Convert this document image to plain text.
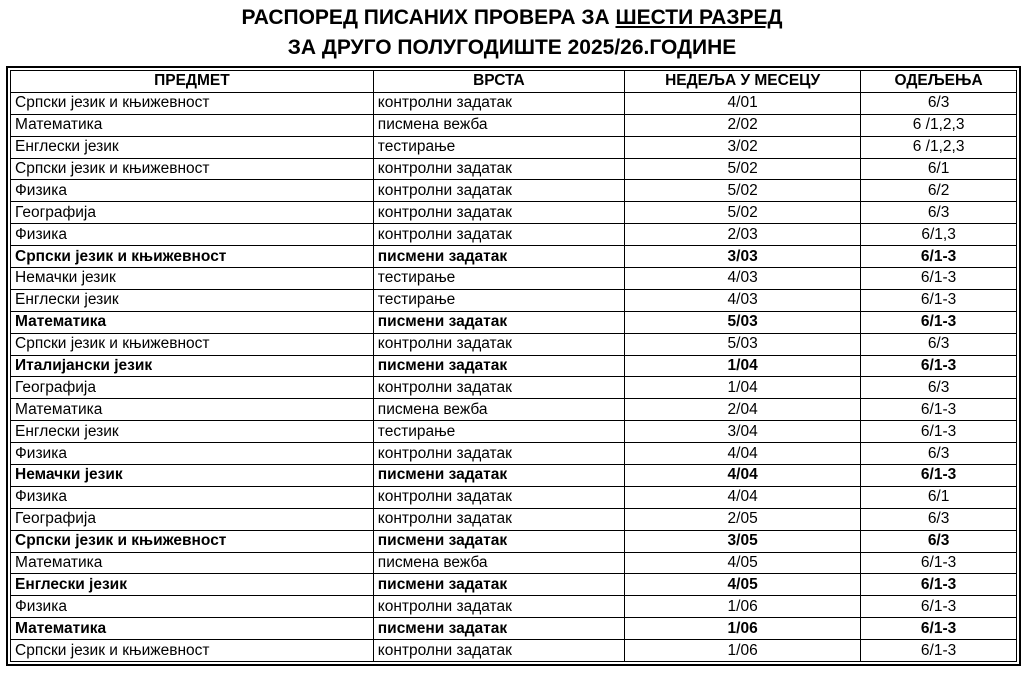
РАСПОРЕД ПИСАНИХ ПРОВЕРА ЗА ШЕСТИ РАЗРЕД
ЗА ДРУГО ПОЛУГОДИШТЕ 2025/26.ГОДИНЕ
ПРЕДМЕТ	ВРСТА	НЕДЕЉА У МЕСЕЦУ	ОДЕЉЕЊА
Српски језик и књижевност	контролни задатак	4/01	6/3
Математика	писмена вежба	2/02	6 /1,2,3
Енглески језик	тестирање	3/02	6 /1,2,3
Српски језик и књижевност	контролни задатак	5/02	6/1
Физика	контролни задатак	5/02	6/2
Географија	контролни задатак	5/02	6/3
Физика	контролни задатак	2/03	6/1,3
Српски језик и књижевност	писмени задатак	3/03	6/1-3
Немачки језик	тестирање	4/03	6/1-3
Енглески језик	тестирање	4/03	6/1-3
Математика	писмени задатак	5/03	6/1-3
Српски језик и књижевност	контролни задатак	5/03	6/3
Италијански језик	писмени задатак	1/04	6/1-3
Географија	контролни задатак	1/04	6/3
Математика	писмена вежба	2/04	6/1-3
Енглески језик	тестирање	3/04	6/1-3
Физика	контролни задатак	4/04	6/3
Немачки језик	писмени задатак	4/04	6/1-3
Физика	контролни задатак	4/04	6/1
Географија	контролни задатак	2/05	6/3
Српски језик и књижевност	писмени задатак	3/05	6/3
Математика	писмена вежба	4/05	6/1-3
Енглески језик	писмени задатак	4/05	6/1-3
Физика	контролни задатак	1/06	6/1-3
Математика	писмени задатак	1/06	6/1-3
Српски језик и књижевност	контролни задатак	1/06	6/1-3
